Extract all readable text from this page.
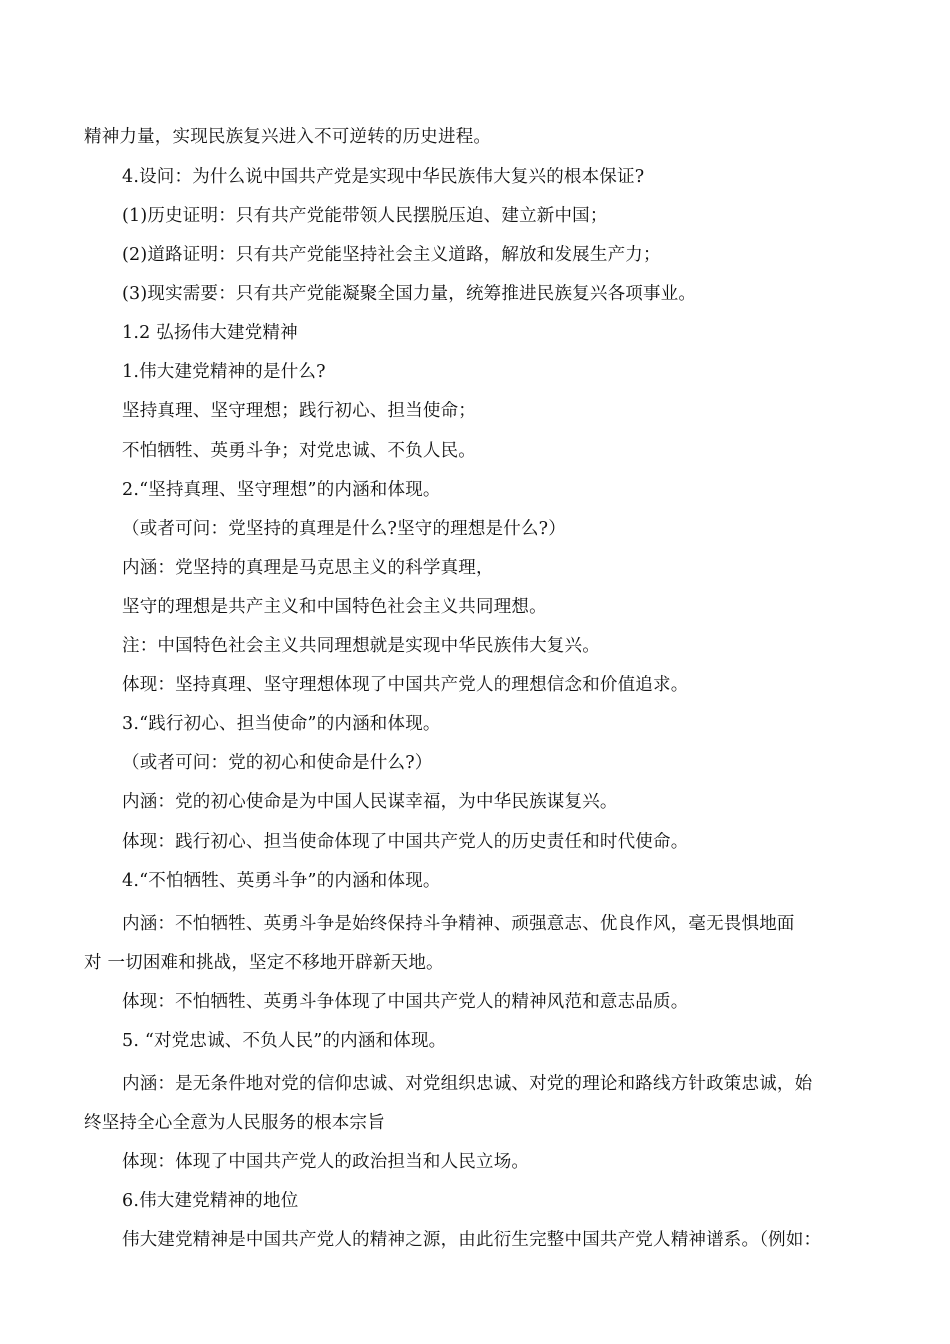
精神力量，实现民族复兴进入不可逆转的历史进程。
4.设问：为什么说中国共产党是实现中华民族伟大复兴的根本保证?
(1)历史证明：只有共产党能带领人民摆脱压迫、建立新中国；
(2)道路证明：只有共产党能坚持社会主义道路，解放和发展生产力；
(3)现实需要：只有共产党能凝聚全国力量，统筹推进民族复兴各项事业。
1.2 弘扬伟大建党精神
1.伟大建党精神的是什么?
坚持真理、坚守理想；践行初心、担当使命；
不怕牺牲、英勇斗争；对党忠诚、不负人民。
2.“坚持真理、坚守理想”的内涵和体现。
（或者可问：党坚持的真理是什么?坚守的理想是什么?）
内涵：党坚持的真理是马克思主义的科学真理，
坚守的理想是共产主义和中国特色社会主义共同理想。
注：中国特色社会主义共同理想就是实现中华民族伟大复兴。
体现：坚持真理、坚守理想体现了中国共产党人的理想信念和价值追求。
3.“践行初心、担当使命”的内涵和体现。
（或者可问：党的初心和使命是什么?）
内涵：党的初心使命是为中国人民谋幸福，为中华民族谋复兴。
体现：践行初心、担当使命体现了中国共产党人的历史责任和时代使命。
4.“不怕牺牲、英勇斗争”的内涵和体现。
内涵：不怕牺牲、英勇斗争是始终保持斗争精神、顽强意志、优良作风，毫无畏惧地面
对 一切困难和挑战，坚定不移地开辟新天地。
体现：不怕牺牲、英勇斗争体现了中国共产党人的精神风范和意志品质。
5. “对党忠诚、不负人民”的内涵和体现。
内涵：是无条件地对党的信仰忠诚、对党组织忠诚、对党的理论和路线方针政策忠诚，始
终坚持全心全意为人民服务的根本宗旨
体现：体现了中国共产党人的政治担当和人民立场。
6.伟大建党精神的地位
伟大建党精神是中国共产党人的精神之源，由此衍生完整中国共产党人精神谱系。（例如：
